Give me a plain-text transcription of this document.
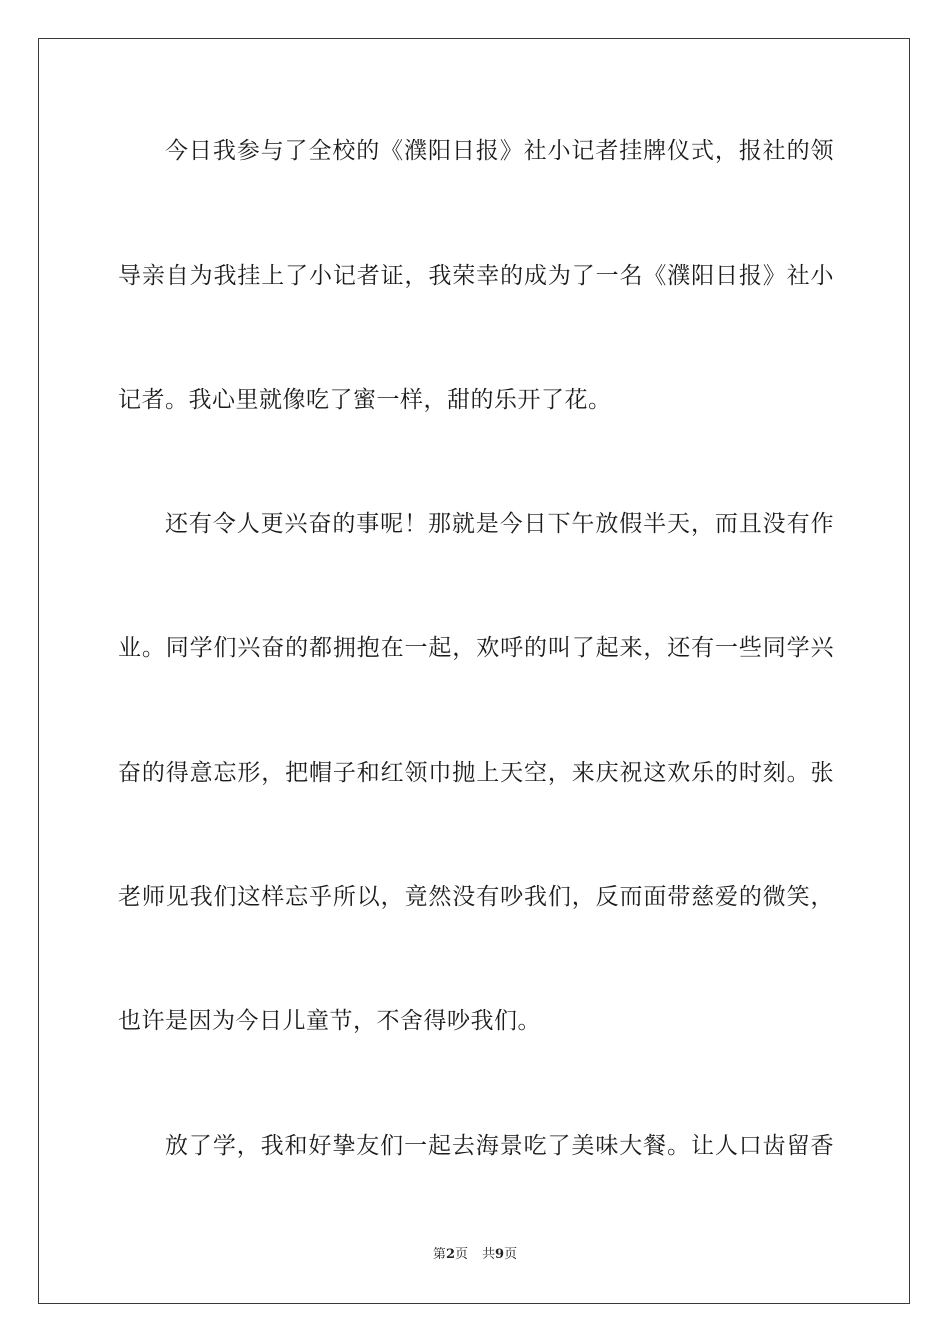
今日我参与了全校的《濮阳日报》社小记者挂牌仪式，报社的领
导亲自为我挂上了小记者证，我荣幸的成为了一名《濮阳日报》社小
记者。我心里就像吃了蜜一样，甜的乐开了花。
还有令人更兴奋的事呢！那就是今日下午放假半天，而且没有作
业。同学们兴奋的都拥抱在一起，欢呼的叫了起来，还有一些同学兴
奋的得意忘形，把帽子和红领巾抛上天空，来庆祝这欢乐的时刻。张
老师见我们这样忘乎所以，竟然没有吵我们，反而面带慈爱的微笑，
也许是因为今日儿童节，不舍得吵我们。
放了学，我和好挚友们一起去海景吃了美味大餐。让人口齿留香
第2页 共9页
